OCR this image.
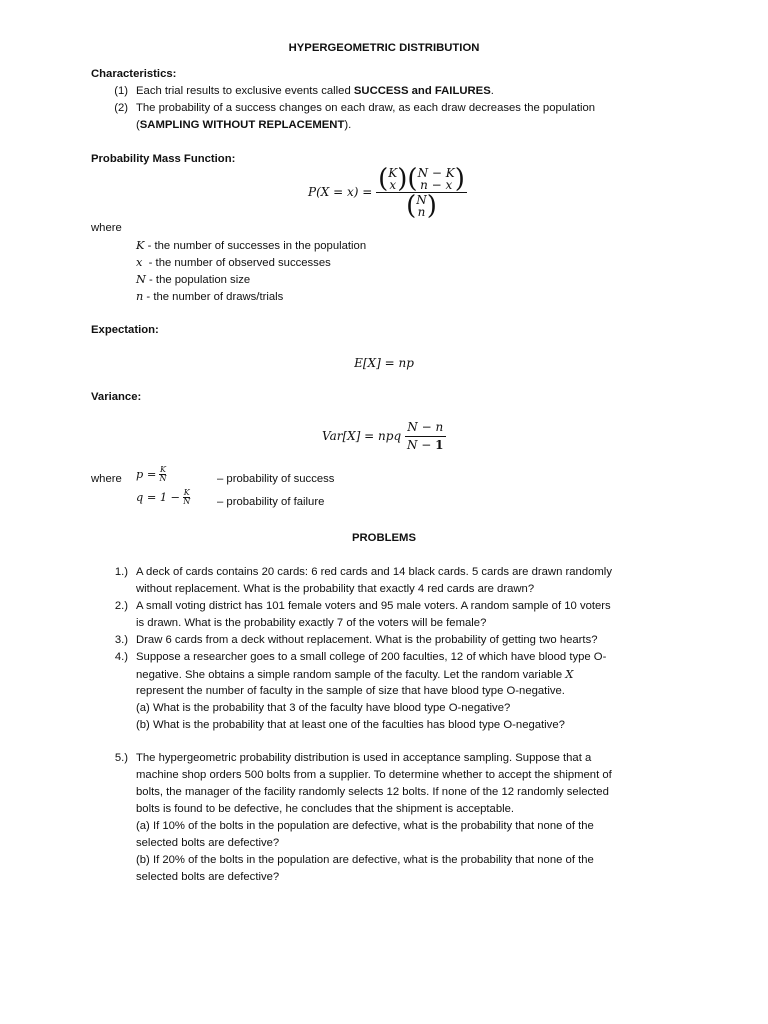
HYPERGEOMETRIC DISTRIBUTION
Characteristics:
(1) Each trial results to exclusive events called SUCCESS and FAILURES.
(2) The probability of a success changes on each draw, as each draw decreases the population
(SAMPLING WITHOUT REPLACEMENT).
Probability Mass Function:
P(X = x) = (K
x)(N − K
n − x)
(N
n)
where
K - the number of successes in the population
x  - the number of observed successes
N - the population size
n - the number of draws/trials
Expectation:
E[X] = np
Variance:
Var[X] = npq $\frac{N - n}{N - 1}$
where $p = \frac{K}{N}$	– probability of success
$q = 1 - \frac{K}{N}$ – probability of failure
PROBLEMS
1.) A deck of cards contains 20 cards: 6 red cards and 14 black cards. 5 cards are drawn randomly
without replacement. What is the probability that exactly 4 red cards are drawn?
2.) A small voting district has 101 female voters and 95 male voters. A random sample of 10 voters
is drawn. What is the probability exactly 7 of the voters will be female?
3.) Draw 6 cards from a deck without replacement. What is the probability of getting two hearts?
4.) Suppose a researcher goes to a small college of 200 faculties, 12 of which have blood type O-
negative. She obtains a simple random sample of the faculty. Let the random variable X
represent the number of faculty in the sample of size that have blood type O-negative.
(a) What is the probability that 3 of the faculty have blood type O-negative?
(b) What is the probability that at least one of the faculties has blood type O-negative?
5.) The hypergeometric probability distribution is used in acceptance sampling. Suppose that a
machine shop orders 500 bolts from a supplier. To determine whether to accept the shipment of
bolts, the manager of the facility randomly selects 12 bolts. If none of the 12 randomly selected
bolts is found to be defective, he concludes that the shipment is acceptable.
(a) If 10% of the bolts in the population are defective, what is the probability that none of the
selected bolts are defective?
(b) If 20% of the bolts in the population are defective, what is the probability that none of the
selected bolts are defective?
